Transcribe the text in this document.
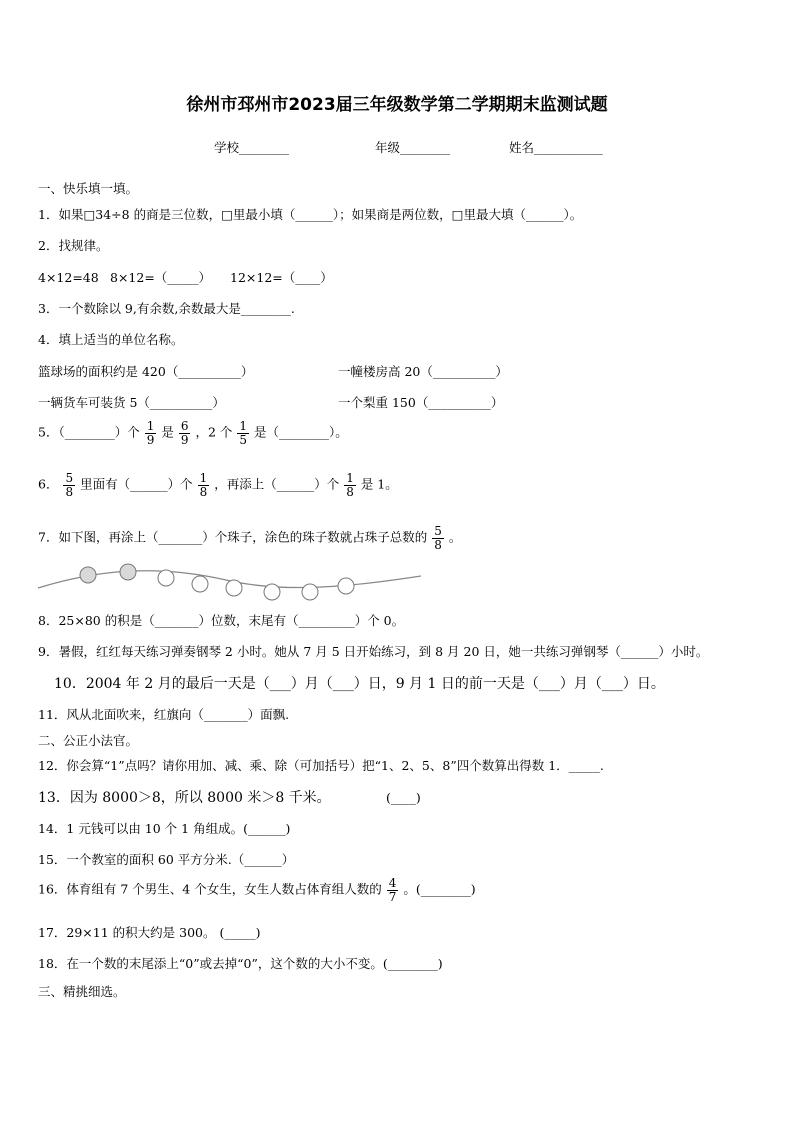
徐州市邳州市2023届三年级数学第二学期期末监测试题
学校________	年级________	姓名___________
一、快乐填一填。
1．如果□34÷8 的商是三位数，□里最小填（______）；如果商是两位数，□里最大填（______）。
2．找规律。
4×12=48 8×12=（_____） 12×12=（____）
3．一个数除以 9,有余数,余数最大是________.
4．填上适当的单位名称。
篮球场的面积约是 420（__________）	一幢楼房高 20（__________）
一辆货车可装货 5（__________）	一个梨重 150（__________）
5．（________）个 $\frac{1}{9}$ 是 $\frac{6}{9}$ ，2 个 $\frac{1}{5}$ 是（________）。
6． $\frac{5}{8}$ 里面有（______）个 $\frac{1}{8}$ ，再添上（______）个 $\frac{1}{8}$ 是 1。
7．如下图，再涂上（_______）个珠子，涂色的珠子数就占珠子总数的 $\frac{5}{8}$ 。
8．25×80 的积是（_______）位数，末尾有（_________）个 0。
9．暑假，红红每天练习弹奏钢琴 2 小时。她从 7 月 5 日开始练习，到 8 月 20 日，她一共练习弹钢琴（______）小时。
10．2004 年 2 月的最后一天是（___）月（___）日，9 月 1 日的前一天是（___）月（___）日。
11．风从北面吹来，红旗向（_______）面飘.
二、公正小法官。
12．你会算“1”点吗？请你用加、减、乘、除（可加括号）把“1、2、5、8”四个数算出得数 1．_____.
13．因为 8000＞8，所以 8000 米＞8 千米。	(____)
14．1 元钱可以由 10 个 1 角组成。(______)
15．一个教室的面积 60 平方分米.（______）
16．体育组有 7 个男生、4 个女生，女生人数占体育组人数的 $\frac{4}{7}$ 。(________)
17．29×11 的积大约是 300。 (_____)
18．在一个数的末尾添上“0”或去掉“0”，这个数的大小不变。(________)
三、精挑细选。
